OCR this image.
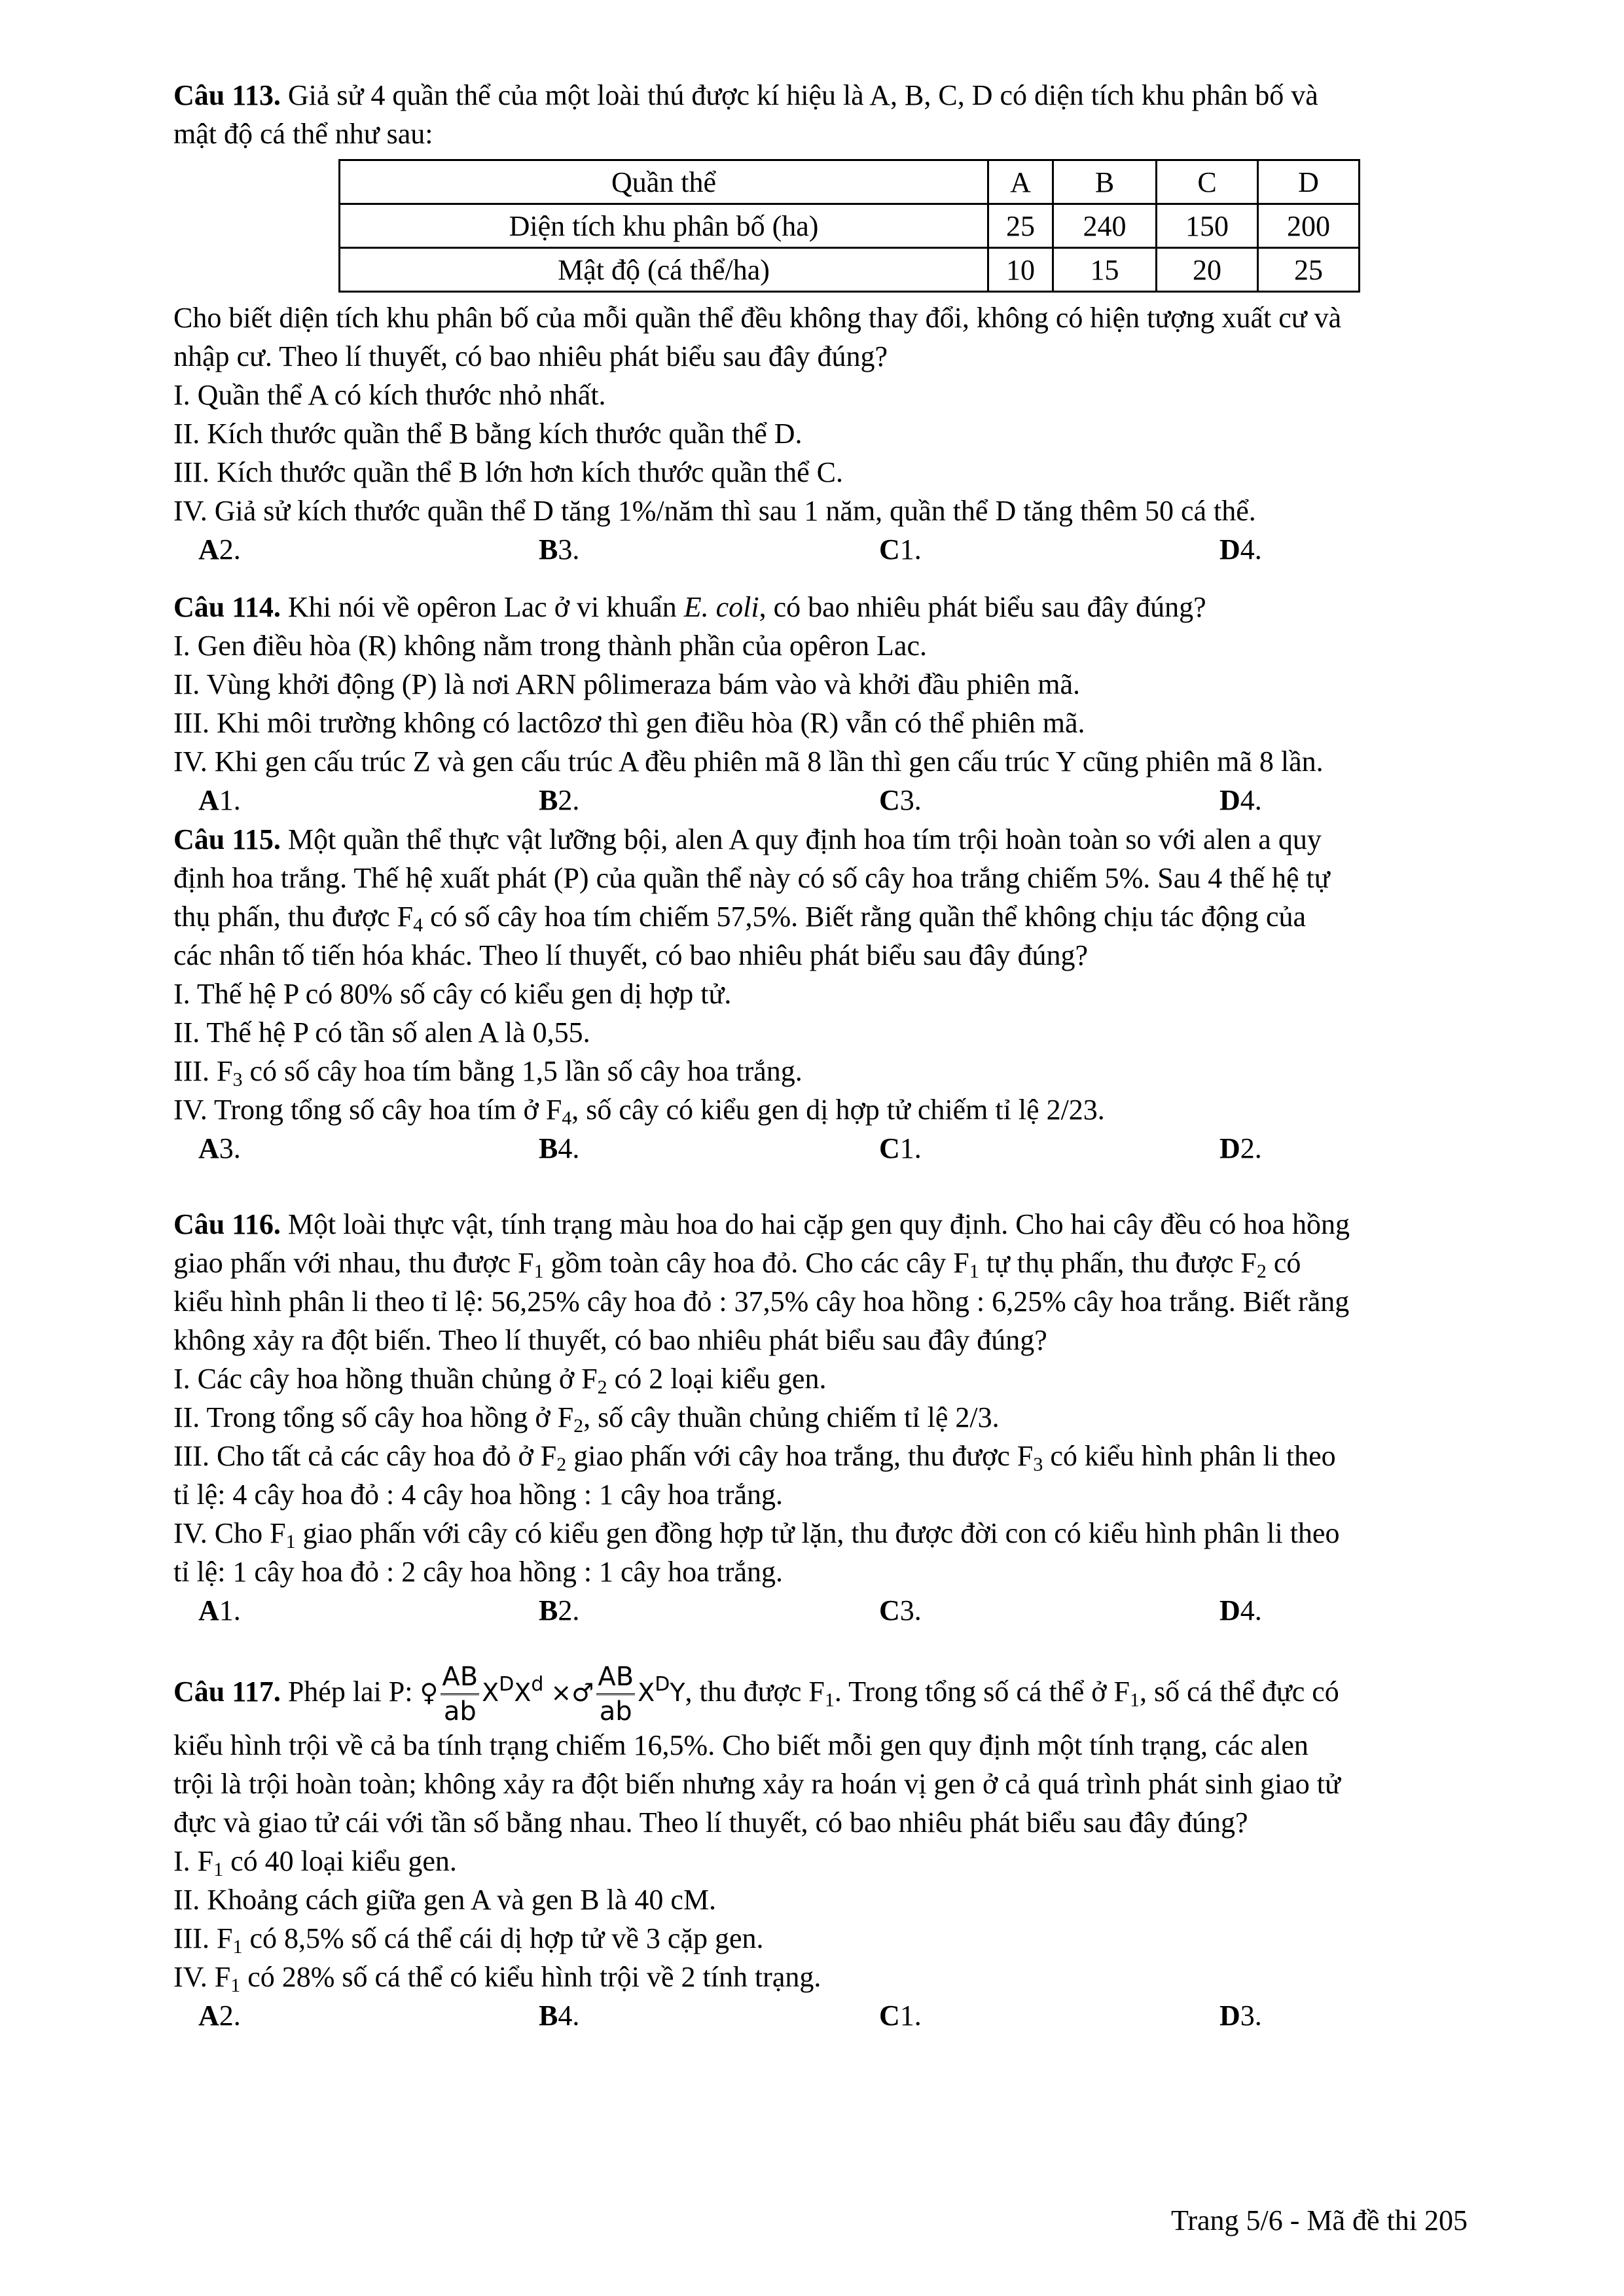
Câu 113. Giả sử 4 quần thể của một loài thú được kí hiệu là A, B, C, D có diện tích khu phân bố và
mật độ cá thể như sau:
Quần thể	A	B	C	D
Diện tích khu phân bố (ha)	25	240	150	200
Mật độ (cá thể/ha)	10	15	20	25
Cho biết diện tích khu phân bố của mỗi quần thể đều không thay đổi, không có hiện tượng xuất cư và
nhập cư. Theo lí thuyết, có bao nhiêu phát biểu sau đây đúng?
I. Quần thể A có kích thước nhỏ nhất.
II. Kích thước quần thể B bằng kích thước quần thể D.
III. Kích thước quần thể B lớn hơn kích thước quần thể C.
IV. Giả sử kích thước quần thể D tăng 1%/năm thì sau 1 năm, quần thể D tăng thêm 50 cá thể.
A2.	B3.	C1.	D4.
Câu 114. Khi nói về opêron Lac ở vi khuẩn E. coli, có bao nhiêu phát biểu sau đây đúng?
I. Gen điều hòa (R) không nằm trong thành phần của opêron Lac.
II. Vùng khởi động (P) là nơi ARN pôlimeraza bám vào và khởi đầu phiên mã.
III. Khi môi trường không có lactôzơ thì gen điều hòa (R) vẫn có thể phiên mã.
IV. Khi gen cấu trúc Z và gen cấu trúc A đều phiên mã 8 lần thì gen cấu trúc Y cũng phiên mã 8 lần.
A1.	B2.	C3.	D4.
Câu 115. Một quần thể thực vật lưỡng bội, alen A quy định hoa tím trội hoàn toàn so với alen a quy
định hoa trắng. Thế hệ xuất phát (P) của quần thể này có số cây hoa trắng chiếm 5%. Sau 4 thế hệ tự
thụ phấn, thu được $F_4$ có số cây hoa tím chiếm 57,5%. Biết rằng quần thể không chịu tác động của
các nhân tố tiến hóa khác. Theo lí thuyết, có bao nhiêu phát biểu sau đây đúng?
I. Thế hệ P có 80% số cây có kiểu gen dị hợp tử.
II. Thế hệ P có tần số alen A là 0,55.
III. $F_3$ có số cây hoa tím bằng 1,5 lần số cây hoa trắng.
IV. Trong tổng số cây hoa tím ở $F_4$, số cây có kiểu gen dị hợp tử chiếm tỉ lệ 2/23.
A3.	B4.	C1.	D2.
Câu 116. Một loài thực vật, tính trạng màu hoa do hai cặp gen quy định. Cho hai cây đều có hoa hồng
giao phấn với nhau, thu được $F_1$ gồm toàn cây hoa đỏ. Cho các cây $F_1$ tự thụ phấn, thu được $F_2$ có
kiểu hình phân li theo tỉ lệ: 56,25% cây hoa đỏ : 37,5% cây hoa hồng : 6,25% cây hoa trắng. Biết rằng
không xảy ra đột biến. Theo lí thuyết, có bao nhiêu phát biểu sau đây đúng?
I. Các cây hoa hồng thuần chủng ở $F_2$ có 2 loại kiểu gen.
II. Trong tổng số cây hoa hồng ở $F_2$, số cây thuần chủng chiếm tỉ lệ 2/3.
III. Cho tất cả các cây hoa đỏ ở $F_2$ giao phấn với cây hoa trắng, thu được $F_3$ có kiểu hình phân li theo
tỉ lệ: 4 cây hoa đỏ : 4 cây hoa hồng : 1 cây hoa trắng.
IV. Cho $F_1$ giao phấn với cây có kiểu gen đồng hợp tử lặn, thu được đời con có kiểu hình phân li theo
tỉ lệ: 1 cây hoa đỏ : 2 cây hoa hồng : 1 cây hoa trắng.
A1.	B2.	C3.	D4.
Câu 117. Phép lai P: ♀ $\frac{AB}{ab} X^DX^d$ ×♂ $\frac{AB}{ab} X^DY$, thu được $F_1$. Trong tổng số cá thể ở $F_1$, số cá thể đực có
kiểu hình trội về cả ba tính trạng chiếm 16,5%. Cho biết mỗi gen quy định một tính trạng, các alen
trội là trội hoàn toàn; không xảy ra đột biến nhưng xảy ra hoán vị gen ở cả quá trình phát sinh giao tử
đực và giao tử cái với tần số bằng nhau. Theo lí thuyết, có bao nhiêu phát biểu sau đây đúng?
I. $F_1$ có 40 loại kiểu gen.
II. Khoảng cách giữa gen A và gen B là 40 cM.
III. $F_1$ có 8,5% số cá thể cái dị hợp tử về 3 cặp gen.
IV. $F_1$ có 28% số cá thể có kiểu hình trội về 2 tính trạng.
A2.	B4.	C1.	D3.
Trang 5/6 - Mã đề thi 205
